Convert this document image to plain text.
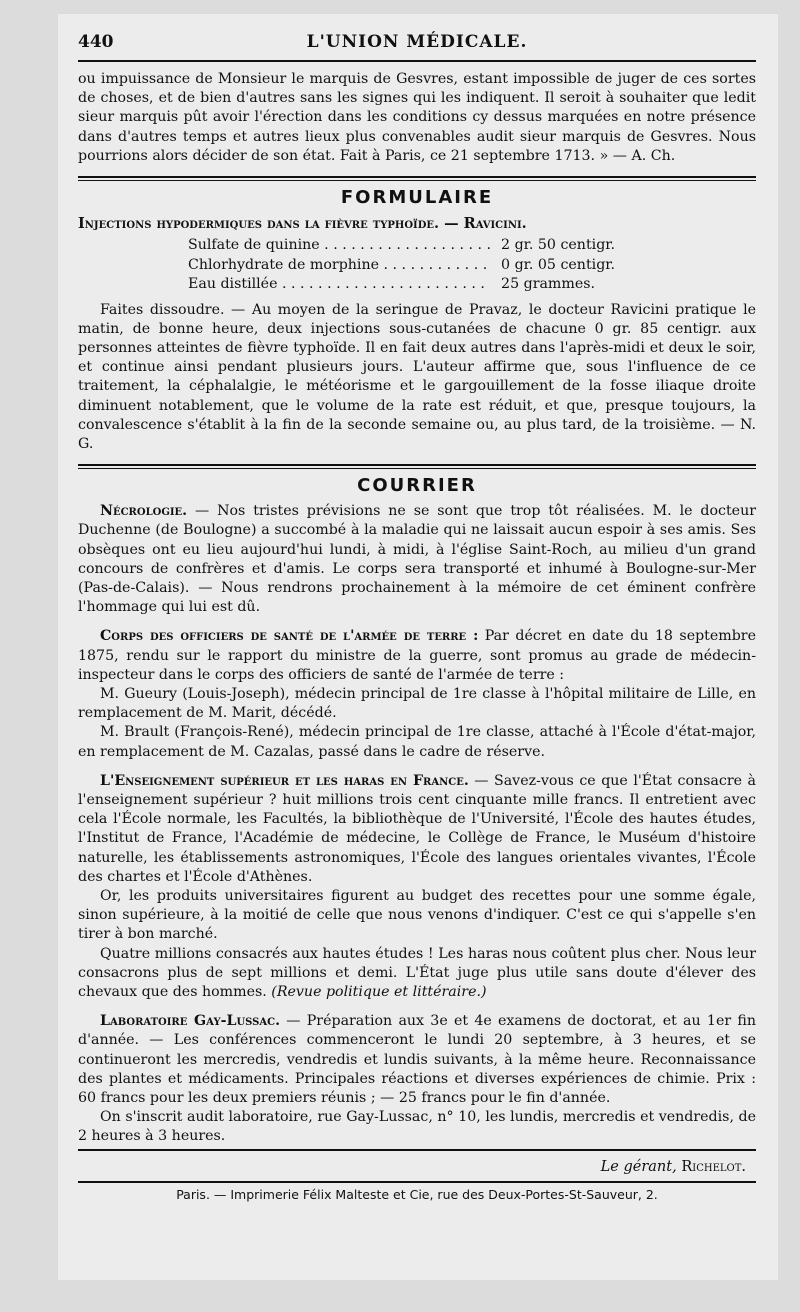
440	L'UNION MÉDICALE.

ou impuissance de Monsieur le marquis de Gesvres, estant impossible de juger de ces sortes de choses, et de bien d'autres sans les signes qui les indiquent. Il seroit à souhaiter que ledit sieur marquis pût avoir l'érection dans les conditions cy dessus marquées en notre présence dans d'autres temps et autres lieux plus convenables audit sieur marquis de Gesvres. Nous pourrions alors décider de son état. Fait à Paris, ce 21 septembre 1713. » — A. Ch.

FORMULAIRE

Injections hypodermiques dans la fièvre typhoïde. — Ravicini.

Sulfate de quinine . . .	2 gr. 50 centigr.
Chlorhydrate de morphine . . .	0 gr. 05 centigr.
Eau distillée . . .	25 grammes.

Faites dissoudre. — Au moyen de la seringue de Pravaz, le docteur Ravicini pratique le matin, de bonne heure, deux injections sous-cutanées de chacune 0 gr. 85 centigr. aux personnes atteintes de fièvre typhoïde. Il en fait deux autres dans l'après-midi et deux le soir, et continue ainsi pendant plusieurs jours. L'auteur affirme que, sous l'influence de ce traitement, la céphalalgie, le météorisme et le gargouillement de la fosse iliaque droite diminuent notablement, que le volume de la rate est réduit, et que, presque toujours, la convalescence s'établit à la fin de la seconde semaine ou, au plus tard, de la troisième. — N. G.

COURRIER

Nécrologie. — Nos tristes prévisions ne se sont que trop tôt réalisées. M. le docteur Duchenne (de Boulogne) a succombé à la maladie qui ne laissait aucun espoir à ses amis. Ses obsèques ont eu lieu aujourd'hui lundi, à midi, à l'église Saint-Roch, au milieu d'un grand concours de confrères et d'amis. Le corps sera transporté et inhumé à Boulogne-sur-Mer (Pas-de-Calais). — Nous rendrons prochainement à la mémoire de cet éminent confrère l'hommage qui lui est dû.

Corps des officiers de santé de l'armée de terre : Par décret en date du 18 septembre 1875, rendu sur le rapport du ministre de la guerre, sont promus au grade de médecin-inspecteur dans le corps des officiers de santé de l'armée de terre :

M. Gueury (Louis-Joseph), médecin principal de 1re classe à l'hôpital militaire de Lille, en remplacement de M. Marit, décédé.

M. Brault (François-René), médecin principal de 1re classe, attaché à l'École d'état-major, en remplacement de M. Cazalas, passé dans le cadre de réserve.

L'Enseignement supérieur et les haras en France. — Savez-vous ce que l'État consacre à l'enseignement supérieur ? huit millions trois cent cinquante mille francs. Il entretient avec cela l'École normale, les Facultés, la bibliothèque de l'Université, l'École des hautes études, l'Institut de France, l'Académie de médecine, le Collège de France, le Muséum d'histoire naturelle, les établissements astronomiques, l'École des langues orientales vivantes, l'École des chartes et l'École d'Athènes.

Or, les produits universitaires figurent au budget des recettes pour une somme égale, sinon supérieure, à la moitié de celle que nous venons d'indiquer. C'est ce qui s'appelle s'en tirer à bon marché.

Quatre millions consacrés aux hautes études ! Les haras nous coûtent plus cher. Nous leur consacrons plus de sept millions et demi. L'État juge plus utile sans doute d'élever des chevaux que des hommes. (Revue politique et littéraire.)

Laboratoire Gay-Lussac. — Préparation aux 3e et 4e examens de doctorat, et au 1er fin d'année. — Les conférences commenceront le lundi 20 septembre, à 3 heures, et se continueront les mercredis, vendredis et lundis suivants, à la même heure. Reconnaissance des plantes et médicaments. Principales réactions et diverses expériences de chimie. Prix : 60 francs pour les deux premiers réunis ; — 25 francs pour le fin d'année.

On s'inscrit audit laboratoire, rue Gay-Lussac, n° 10, les lundis, mercredis et vendredis, de 2 heures à 3 heures.

Le gérant, Richelot.
Paris. — Imprimerie Félix Malteste et Cie, rue des Deux-Portes-St-Sauveur, 2.
